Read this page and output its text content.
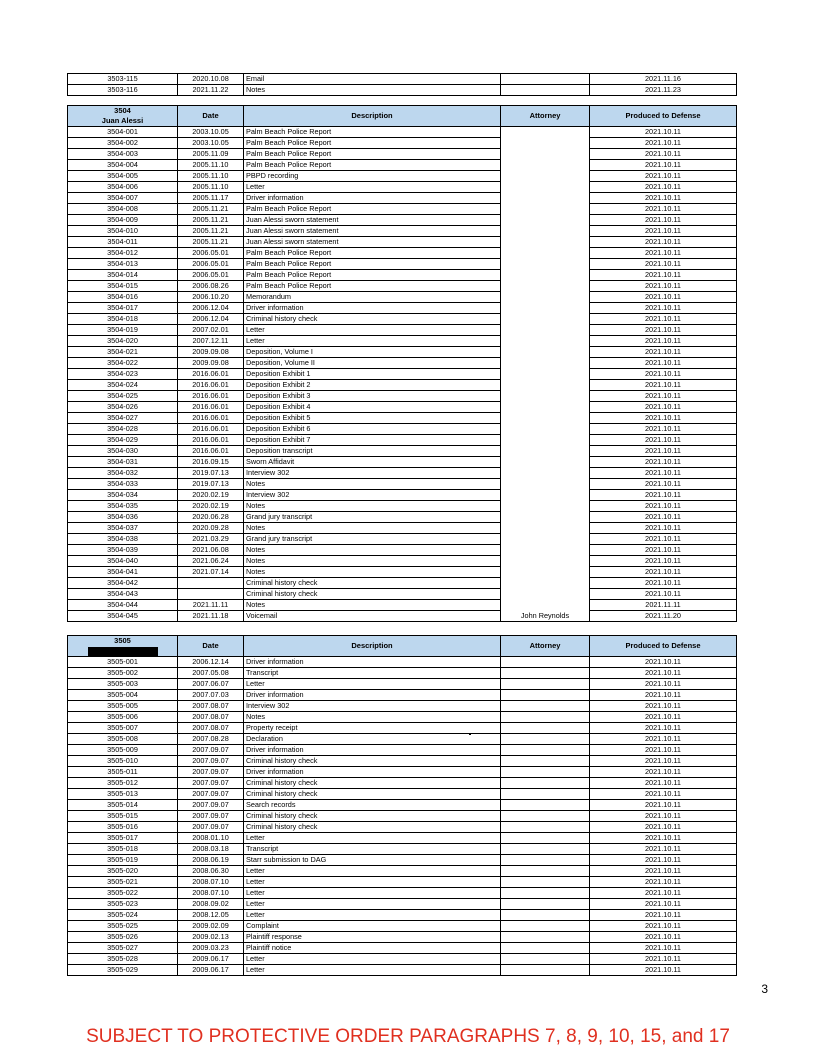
3503-115	2020.10.08	Email		2021.11.16
3503-116	2021.11.22	Notes		2021.11.23
3504
Juan Alessi	Date	Description	Attorney	Produced to Defense
3504-001	2003.10.05	Palm Beach Police Report		2021.10.11
3504-002	2003.10.05	Palm Beach Police Report		2021.10.11
3504-003	2005.11.09	Palm Beach Police Report		2021.10.11
3504-004	2005.11.10	Palm Beach Police Report		2021.10.11
3504-005	2005.11.10	PBPD recording		2021.10.11
3504-006	2005.11.10	Letter		2021.10.11
3504-007	2005.11.17	Driver information		2021.10.11
3504-008	2005.11.21	Palm Beach Police Report		2021.10.11
3504-009	2005.11.21	Juan Alessi sworn statement		2021.10.11
3504-010	2005.11.21	Juan Alessi sworn statement		2021.10.11
3504-011	2005.11.21	Juan Alessi sworn statement		2021.10.11
3504-012	2006.05.01	Palm Beach Police Report		2021.10.11
3504-013	2006.05.01	Palm Beach Police Report		2021.10.11
3504-014	2006.05.01	Palm Beach Police Report		2021.10.11
3504-015	2006.08.26	Palm Beach Police Report		2021.10.11
3504-016	2006.10.20	Memorandum		2021.10.11
3504-017	2006.12.04	Driver information		2021.10.11
3504-018	2006.12.04	Criminal history check		2021.10.11
3504-019	2007.02.01	Letter		2021.10.11
3504-020	2007.12.11	Letter		2021.10.11
3504-021	2009.09.08	Deposition, Volume I		2021.10.11
3504-022	2009.09.08	Deposition, Volume II		2021.10.11
3504-023	2016.06.01	Deposition Exhibit 1		2021.10.11
3504-024	2016.06.01	Deposition Exhibit 2		2021.10.11
3504-025	2016.06.01	Deposition Exhibit 3		2021.10.11
3504-026	2016.06.01	Deposition Exhibit 4		2021.10.11
3504-027	2016.06.01	Deposition Exhibit 5		2021.10.11
3504-028	2016.06.01	Deposition Exhibit 6		2021.10.11
3504-029	2016.06.01	Deposition Exhibit 7		2021.10.11
3504-030	2016.06.01	Deposition transcript		2021.10.11
3504-031	2016.09.15	Sworn Affidavit		2021.10.11
3504-032	2019.07.13	Interview 302		2021.10.11
3504-033	2019.07.13	Notes		2021.10.11
3504-034	2020.02.19	Interview 302		2021.10.11
3504-035	2020.02.19	Notes		2021.10.11
3504-036	2020.06.28	Grand jury transcript		2021.10.11
3504-037	2020.09.28	Notes		2021.10.11
3504-038	2021.03.29	Grand jury transcript		2021.10.11
3504-039	2021.06.08	Notes		2021.10.11
3504-040	2021.06.24	Notes		2021.10.11
3504-041	2021.07.14	Notes		2021.10.11
3504-042		Criminal history check		2021.10.11
3504-043		Criminal history check		2021.10.11
3504-044	2021.11.11	Notes		2021.11.11
3504-045	2021.11.18	Voicemail	John Reynolds	2021.11.20
3505	Date	Description	Attorney	Produced to Defense
3505-001	2006.12.14	Driver information		2021.10.11
3505-002	2007.05.08	Transcript		2021.10.11
3505-003	2007.06.07	Letter		2021.10.11
3505-004	2007.07.03	Driver information		2021.10.11
3505-005	2007.08.07	Interview 302		2021.10.11
3505-006	2007.08.07	Notes		2021.10.11
3505-007	2007.08.07	Property receipt		2021.10.11
3505-008	2007.08.28	Declaration		2021.10.11
3505-009	2007.09.07	Driver information		2021.10.11
3505-010	2007.09.07	Criminal history check		2021.10.11
3505-011	2007.09.07	Driver information		2021.10.11
3505-012	2007.09.07	Criminal history check		2021.10.11
3505-013	2007.09.07	Criminal history check		2021.10.11
3505-014	2007.09.07	Search records		2021.10.11
3505-015	2007.09.07	Criminal history check		2021.10.11
3505-016	2007.09.07	Criminal history check		2021.10.11
3505-017	2008.01.10	Letter		2021.10.11
3505-018	2008.03.18	Transcript		2021.10.11
3505-019	2008.06.19	Starr submission to DAG		2021.10.11
3505-020	2008.06.30	Letter		2021.10.11
3505-021	2008.07.10	Letter		2021.10.11
3505-022	2008.07.10	Letter		2021.10.11
3505-023	2008.09.02	Letter		2021.10.11
3505-024	2008.12.05	Letter		2021.10.11
3505-025	2009.02.09	Complaint		2021.10.11
3505-026	2009.02.13	Plaintiff response		2021.10.11
3505-027	2009.03.23	Plaintiff notice		2021.10.11
3505-028	2009.06.17	Letter		2021.10.11
3505-029	2009.06.17	Letter		2021.10.11
3
SUBJECT TO PROTECTIVE ORDER PARAGRAPHS 7, 8, 9, 10, 15, and 17
